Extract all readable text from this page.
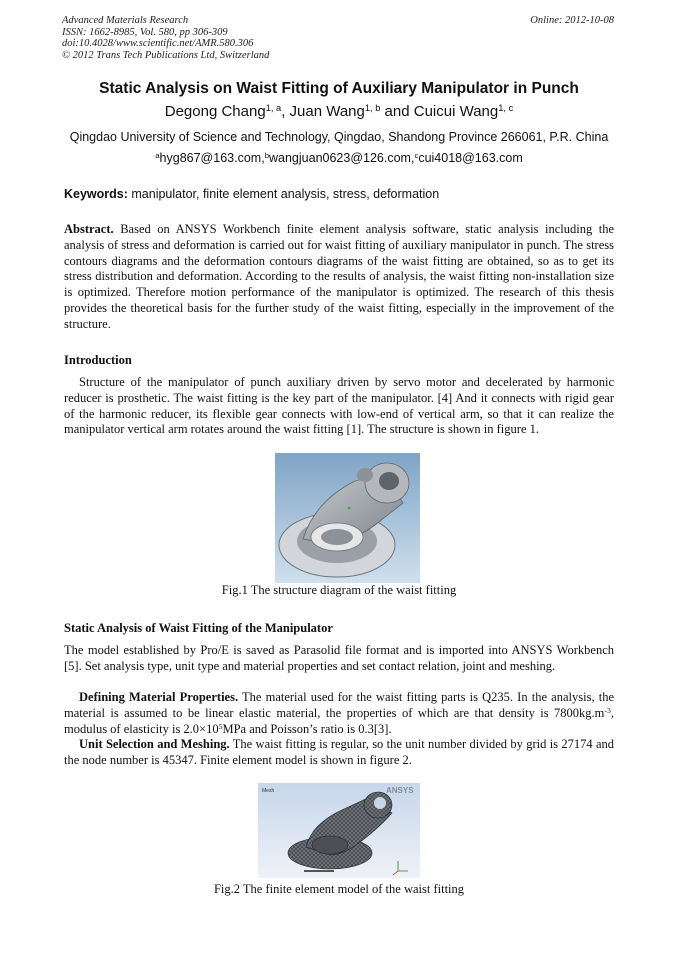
Advanced Materials Research
ISSN: 1662-8985, Vol. 580, pp 306-309
doi:10.4028/www.scientific.net/AMR.580.306
© 2012 Trans Tech Publications Ltd, Switzerland
Online: 2012-10-08
Static Analysis on Waist Fitting of Auxiliary Manipulator in Punch
Degong Chang$^{1, a}$, Juan Wang$^{1, b}$ and Cuicui Wang$^{1, c}$
Qingdao University of Science and Technology, Qingdao, Shandong Province 266061, P.R. China
$^a$hyg867@163.com,$^b$wangjuan0623@126.com,$^c$cui4018@163.com
Keywords: manipulator, finite element analysis, stress, deformation
Abstract. Based on ANSYS Workbench finite element analysis software, static analysis including the analysis of stress and deformation is carried out for waist fitting of auxiliary manipulator in punch. The stress contours diagrams and the deformation contours diagrams of the waist fitting are obtained, so as to get its stress distribution and deformation. According to the results of analysis, the waist fitting non-installation size is optimized. Therefore motion performance of the manipulator is optimized. The research of this thesis provides the theoretical basis for the further study of the waist fitting, especially in the improvement of the structure.
Introduction
Structure of the manipulator of punch auxiliary driven by servo motor and decelerated by harmonic reducer is prosthetic. The waist fitting is the key part of the manipulator. [4] And it connects with rigid gear of the harmonic reducer, its flexible gear connects with low-end of vertical arm, so that it can realize the manipulator vertical arm rotates around the waist fitting [1]. The structure is shown in figure 1.
Fig.1 The structure diagram of the waist fitting
Static Analysis of Waist Fitting of the Manipulator
The model established by Pro/E is saved as Parasolid file format and is imported into ANSYS Workbench [5]. Set analysis type, unit type and material properties and set contact relation, joint and meshing.
Defining Material Properties. The material used for the waist fitting parts is Q235. In the analysis, the material is assumed to be linear elastic material, the properties of which are that density is $7800kg.m^{-3}$, modulus of elasticity is $2.0\times 10^5MPa$ and Poisson’s ratio is 0.3[3].
Unit Selection and Meshing. The waist fitting is regular, so the unit number divided by grid is 27174 and the node number is 45347. Finite element model is shown in figure 2.
Mesh	ANSYS
Fig.2 The finite element model of the waist fitting
